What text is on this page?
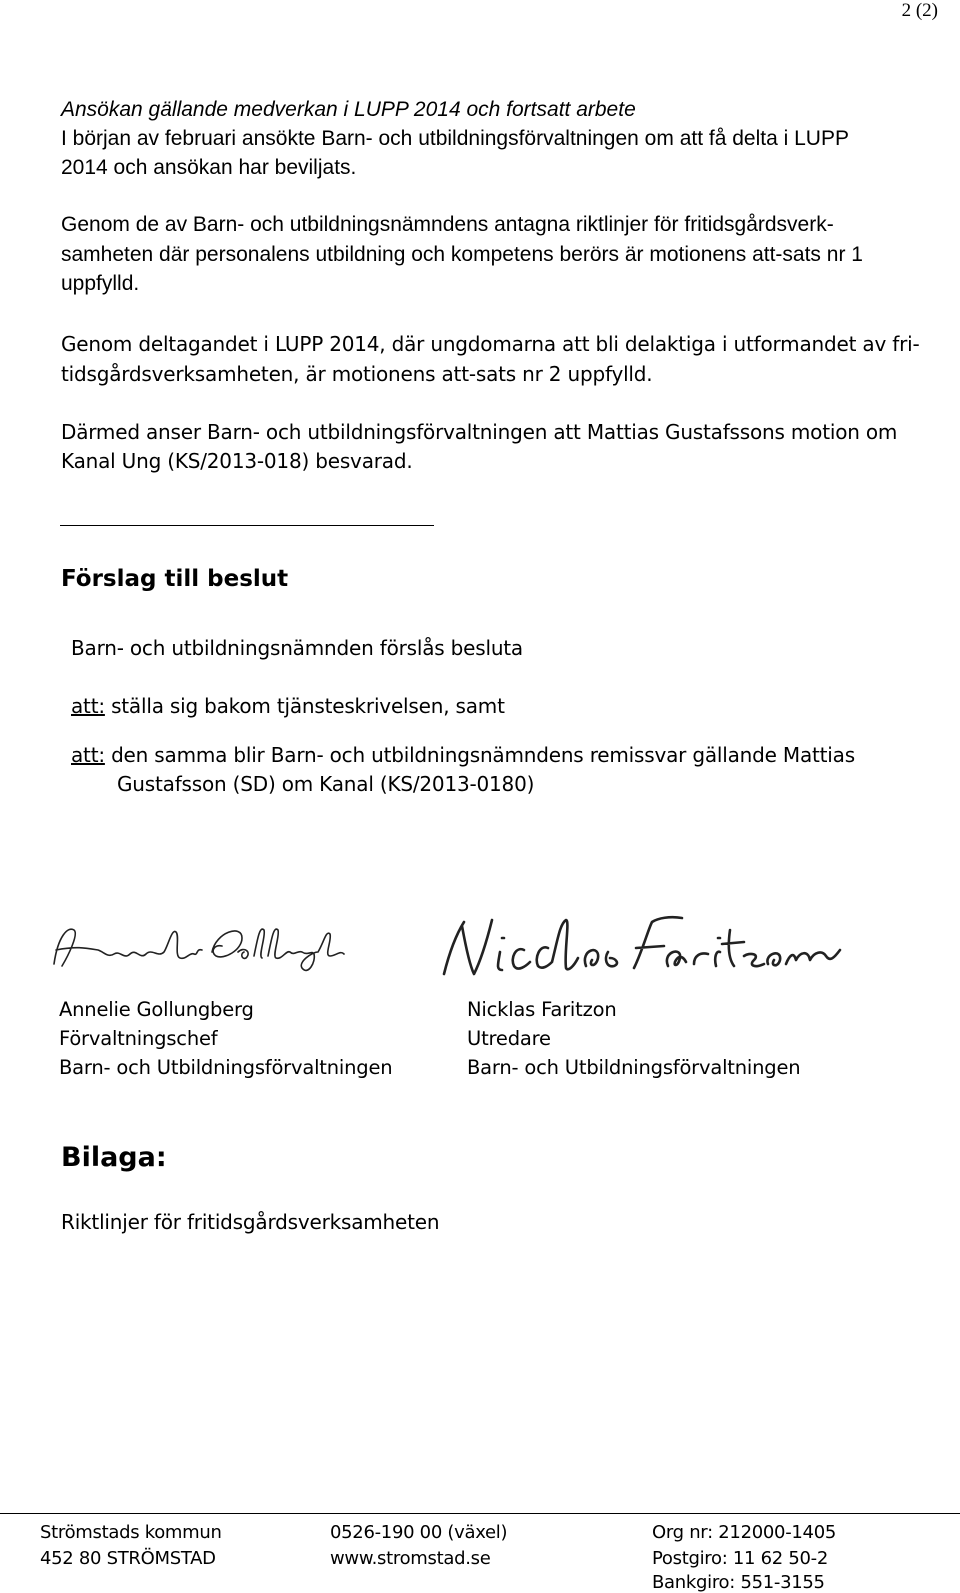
2 (2)
Ansökan gällande medverkan i LUPP 2014 och fortsatt arbete
I början av februari ansökte Barn- och utbildningsförvaltningen om att få delta i LUPP
2014 och ansökan har beviljats.
Genom de av Barn- och utbildningsnämndens antagna riktlinjer för fritidsgårdsverk-
samheten där personalens utbildning och kompetens berörs är motionens att-sats nr 1
uppfylld.
Genom deltagandet i LUPP 2014, där ungdomarna att bli delaktiga i utformandet av fri-
tidsgårdsverksamheten, är motionens att-sats nr 2 uppfylld.
Därmed anser Barn- och utbildningsförvaltningen att Mattias Gustafssons motion om
Kanal Ung (KS/2013-018) besvarad.
Förslag till beslut
Barn- och utbildningsnämnden förslås besluta
att: ställa sig bakom tjänsteskrivelsen, samt
att: den samma blir Barn- och utbildningsnämndens remissvar gällande Mattias
Gustafsson (SD) om Kanal (KS/2013-0180)
Annelie Gollungberg
Förvaltningschef
Barn- och Utbildningsförvaltningen
Nicklas Faritzon
Utredare
Barn- och Utbildningsförvaltningen
Bilaga:
Riktlinjer för fritidsgårdsverksamheten
Strömstads kommun
452 80 STRÖMSTAD
0526-190 00 (växel)
www.stromstad.se
Org nr: 212000-1405
Postgiro: 11 62 50-2
Bankgiro: 551-3155
